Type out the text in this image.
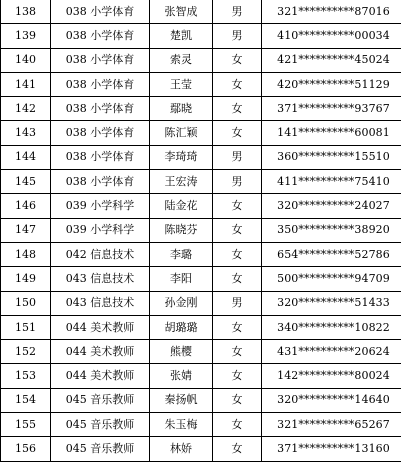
138	038 小学体育	张智成	男	321**********87016
139	038 小学体育	楚凯	男	410**********00034
140	038 小学体育	索灵	女	421**********45024
141	038 小学体育	王莹	女	420**********51129
142	038 小学体育	鄢晓	女	371**********93767
143	038 小学体育	陈汇颖	女	141**********60081
144	038 小学体育	李琦琦	男	360**********15510
145	038 小学体育	王宏涛	男	411**********75410
146	039 小学科学	陆金花	女	320**********24027
147	039 小学科学	陈晓芬	女	350**********38920
148	042 信息技术	李璐	女	654**********52786
149	043 信息技术	李阳	女	500**********94709
150	043 信息技术	孙金刚	男	320**********51433
151	044 美术教师	胡璐璐	女	340**********10822
152	044 美术教师	熊樱	女	431**********20624
153	044 美术教师	张婧	女	142**********80024
154	045 音乐教师	秦扬帆	女	320**********14640
155	045 音乐教师	朱玉梅	女	321**********65267
156	045 音乐教师	林娇	女	371**********13160
